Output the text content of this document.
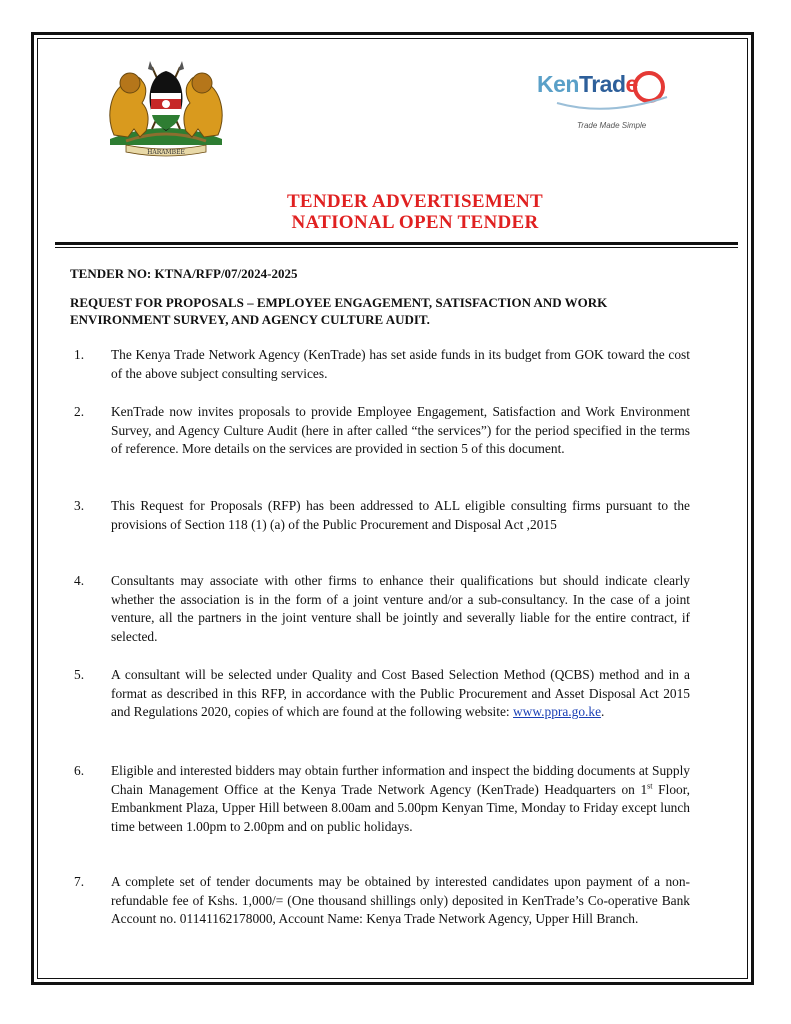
HARAMBEE
KenTrade
Trade Made Simple
TENDER ADVERTISEMENT
NATIONAL OPEN TENDER
TENDER NO: KTNA/RFP/07/2024-2025
REQUEST FOR PROPOSALS – EMPLOYEE ENGAGEMENT, SATISFACTION AND WORK ENVIRONMENT SURVEY, AND AGENCY CULTURE AUDIT.
1. The Kenya Trade Network Agency (KenTrade) has set aside funds in its budget from GOK toward the cost of the above subject consulting services.
2. KenTrade now invites proposals to provide Employee Engagement, Satisfaction and Work Environment Survey, and Agency Culture Audit (here in after called “the services”) for the period specified in the terms of reference. More details on the services are provided in section 5 of this document.
3. This Request for Proposals (RFP) has been addressed to ALL eligible consulting firms pursuant to the provisions of Section 118 (1) (a) of the Public Procurement and Disposal Act ,2015
4. Consultants may associate with other firms to enhance their qualifications but should indicate clearly whether the association is in the form of a joint venture and/or a sub-consultancy. In the case of a joint venture, all the partners in the joint venture shall be jointly and severally liable for the entire contract, if selected.
5. A consultant will be selected under Quality and Cost Based Selection Method (QCBS) method and in a format as described in this RFP, in accordance with the Public Procurement and Asset Disposal Act 2015 and Regulations 2020, copies of which are found at the following website: www.ppra.go.ke.
6. Eligible and interested bidders may obtain further information and inspect the bidding documents at Supply Chain Management Office at the Kenya Trade Network Agency (KenTrade) Headquarters on 1st Floor, Embankment Plaza, Upper Hill between 8.00am and 5.00pm Kenyan Time, Monday to Friday except lunch time between 1.00pm to 2.00pm and on public holidays.
7. A complete set of tender documents may be obtained by interested candidates upon payment of a non-refundable fee of Kshs. 1,000/= (One thousand shillings only) deposited in KenTrade’s Co-operative Bank Account no. 01141162178000, Account Name: Kenya Trade Network Agency, Upper Hill Branch.
